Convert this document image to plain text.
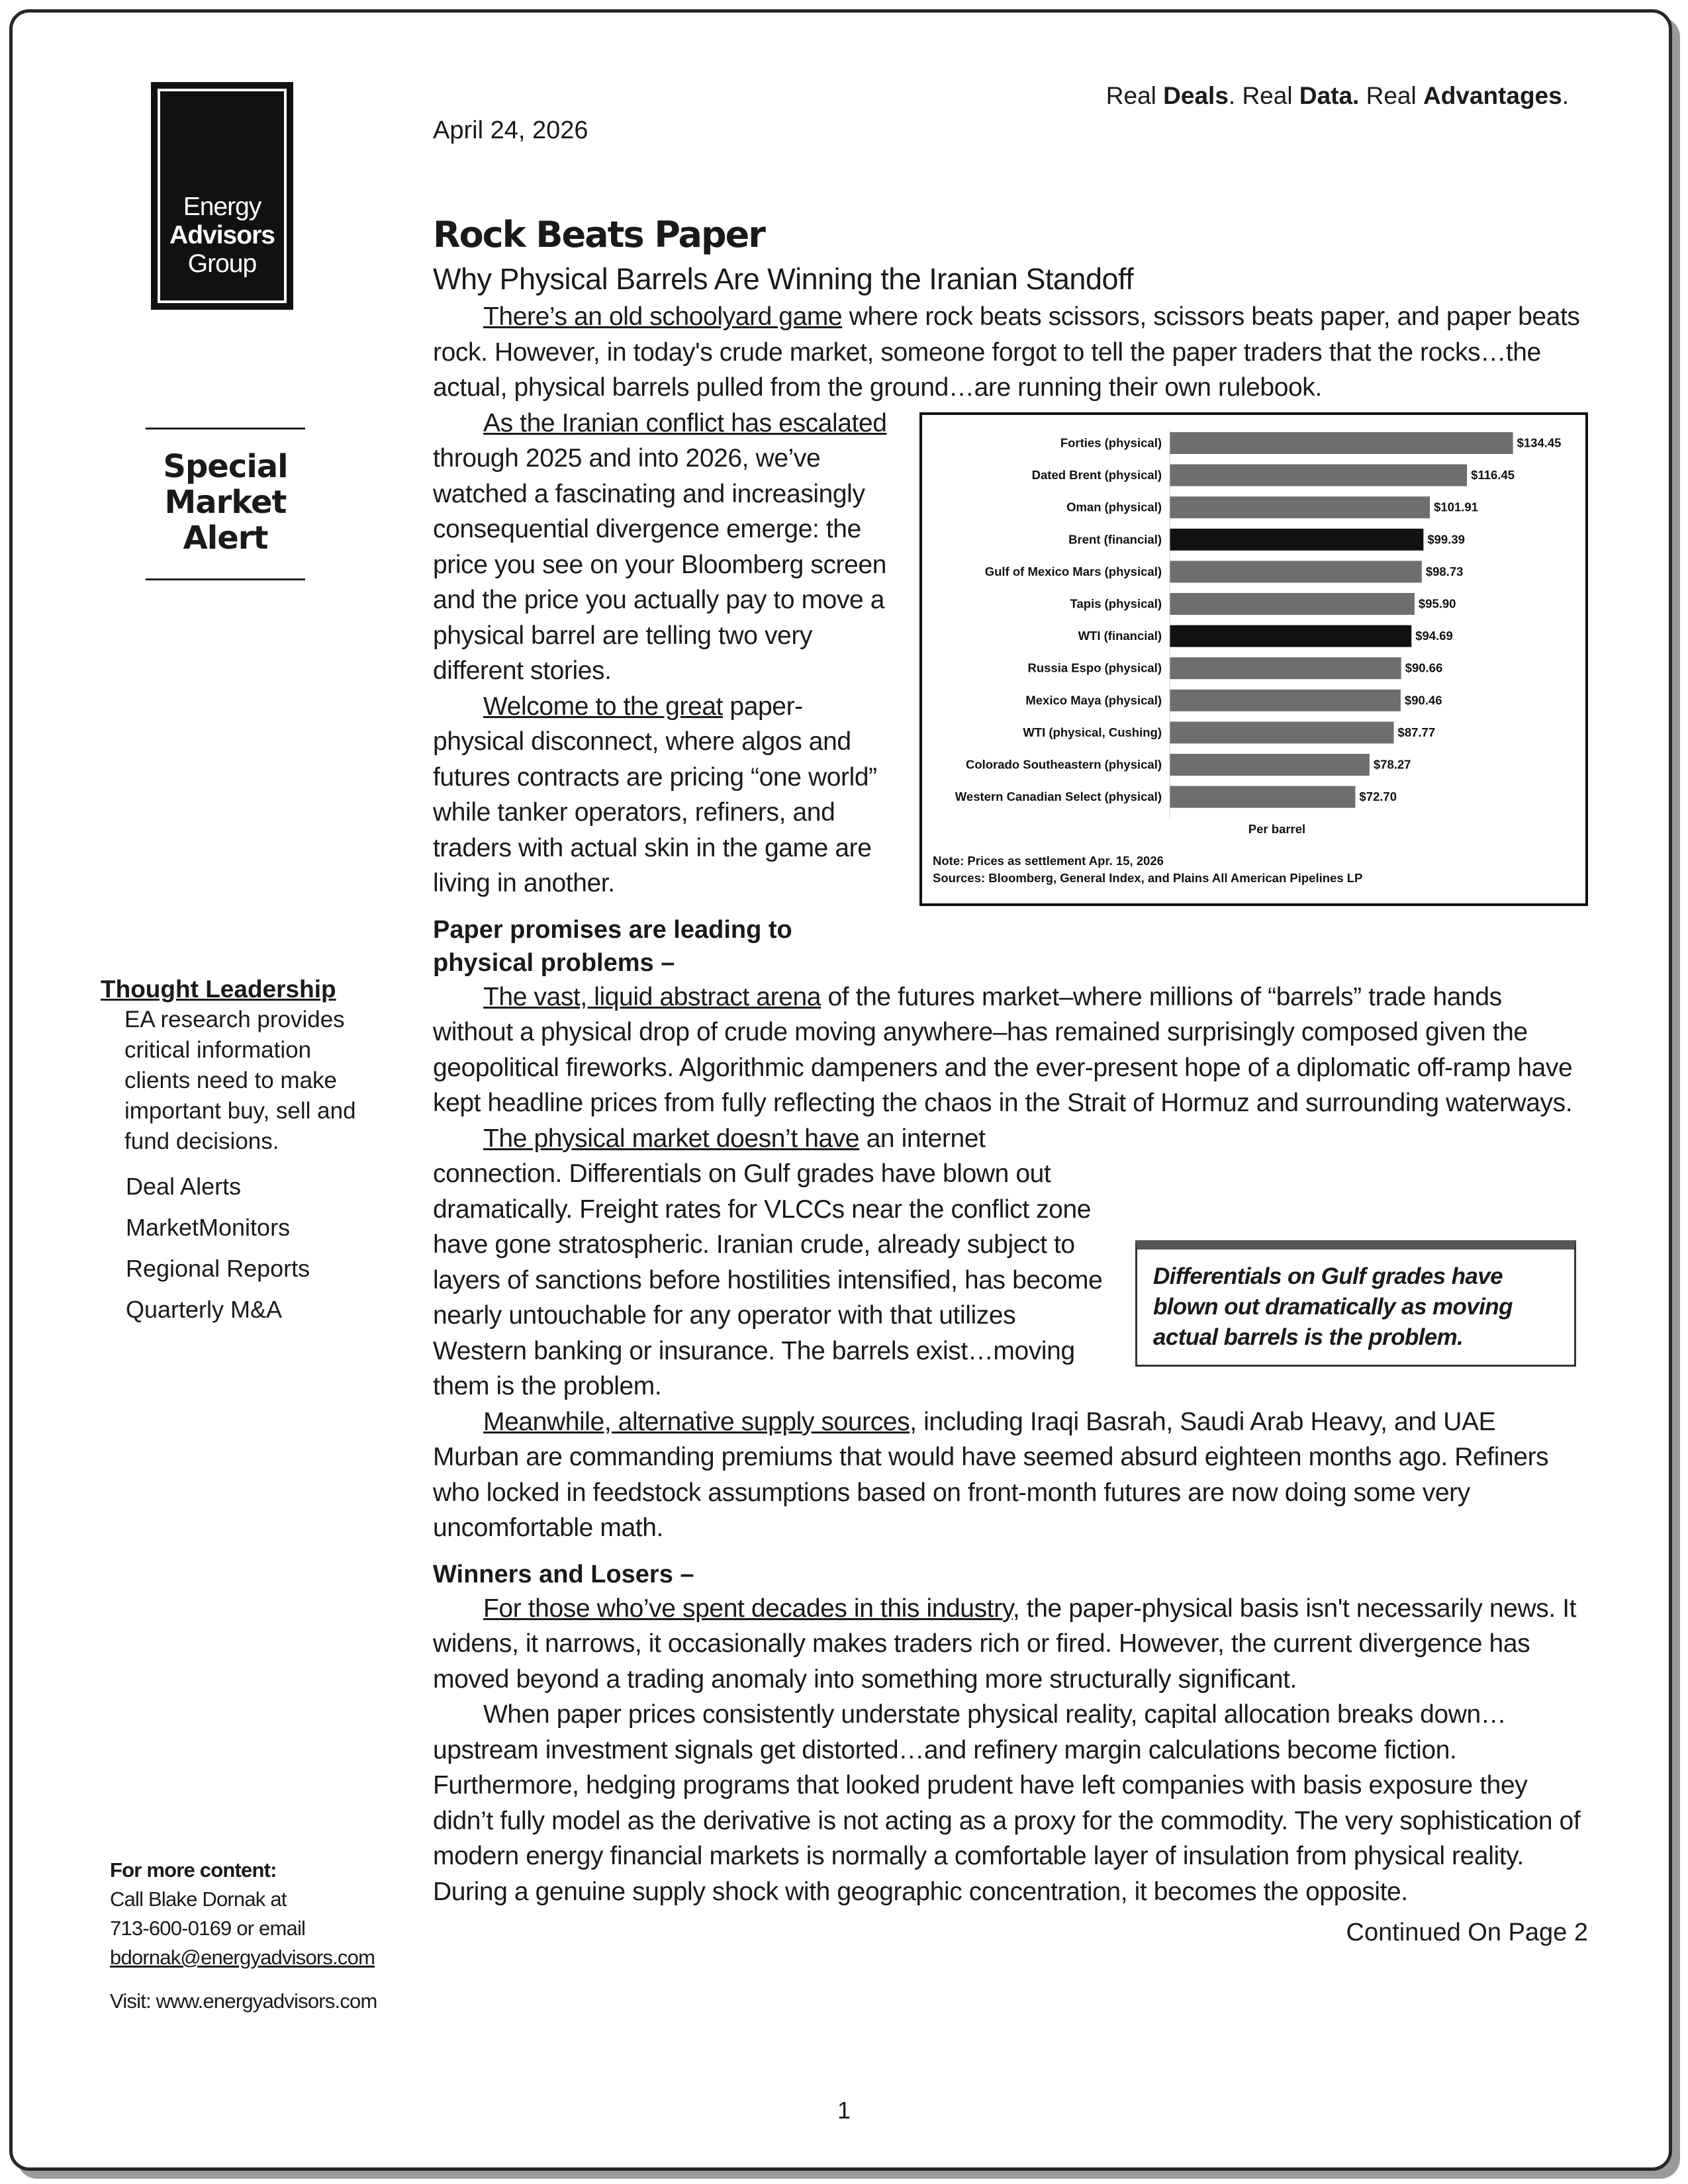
Energy
Advisors
Group
Real Deals. Real Data. Real Advantages.
April 24, 2026
Special
Market
Alert
Thought Leadership
EA research provides critical information clients need to make important buy, sell and fund decisions.
Deal Alerts
MarketMonitors
Regional Reports
Quarterly M&A
For more content:
Call Blake Dornak at
713-600-0169 or email
bdornak@energyadvisors.com
Visit: www.energyadvisors.com
Rock Beats Paper
Why Physical Barrels Are Winning the Iranian Standoff

There’s an old schoolyard game where rock beats scissors, scissors beats paper, and paper beats rock. However, in today's crude market, someone forgot to tell the paper traders that the rocks…the actual, physical barrels pulled from the ground…are running their own rulebook.

Forties (physical)	$134.45
Dated Brent (physical)	$116.45
Oman (physical)	$101.91
Brent (financial)	$99.39
Gulf of Mexico Mars (physical)	$98.73
Tapis (physical)	$95.90
WTI (financial)	$94.69
Russia Espo (physical)	$90.66
Mexico Maya (physical)	$90.46
WTI (physical, Cushing)	$87.77
Colorado Southeastern (physical)	$78.27
Western Canadian Select (physical)	$72.70
Per barrel
Note: Prices as settlement Apr. 15, 2026
Sources: Bloomberg, General Index, and Plains All American Pipelines LP

As the Iranian conflict has escalated through 2025 and into 2026, we’ve watched a fascinating and increasingly consequential divergence emerge: the price you see on your Bloomberg screen and the price you actually pay to move a physical barrel are telling two very different stories.

Welcome to the great paper-physical disconnect, where algos and futures contracts are pricing “one world” while tanker operators, refiners, and traders with actual skin in the game are living in another.

Paper promises are leading to physical problems –

The vast, liquid abstract arena of the futures market–where millions of “barrels” trade hands without a physical drop of crude moving anywhere–has remained surprisingly composed given the geopolitical fireworks. Algorithmic dampeners and the ever-present hope of a diplomatic off-ramp have kept headline prices from fully reflecting the chaos in the Strait of Hormuz and surrounding waterways.

Differentials on Gulf grades have blown out dramatically as moving actual barrels is the problem.

The physical market doesn’t have an internet connection. Differentials on Gulf grades have blown out dramatically. Freight rates for VLCCs near the conflict zone have gone stratospheric. Iranian crude, already subject to layers of sanctions before hostilities intensified, has become nearly untouchable for any operator with that utilizes Western banking or insurance. The barrels exist…moving them is the problem.

Meanwhile, alternative supply sources, including Iraqi Basrah, Saudi Arab Heavy, and UAE Murban are commanding premiums that would have seemed absurd eighteen months ago. Refiners who locked in feedstock assumptions based on front-month futures are now doing some very uncomfortable math.

Winners and Losers –

For those who’ve spent decades in this industry, the paper-physical basis isn't necessarily news. It widens, it narrows, it occasionally makes traders rich or fired. However, the current divergence has moved beyond a trading anomaly into something more structurally significant.

When paper prices consistently understate physical reality, capital allocation breaks down…upstream investment signals get distorted…and refinery margin calculations become fiction. Furthermore, hedging programs that looked prudent have left companies with basis exposure they didn’t fully model as the derivative is not acting as a proxy for the commodity. The very sophistication of modern energy financial markets is normally a comfortable layer of insulation from physical reality. During a genuine supply shock with geographic concentration, it becomes the opposite.

Continued On Page 2
1
